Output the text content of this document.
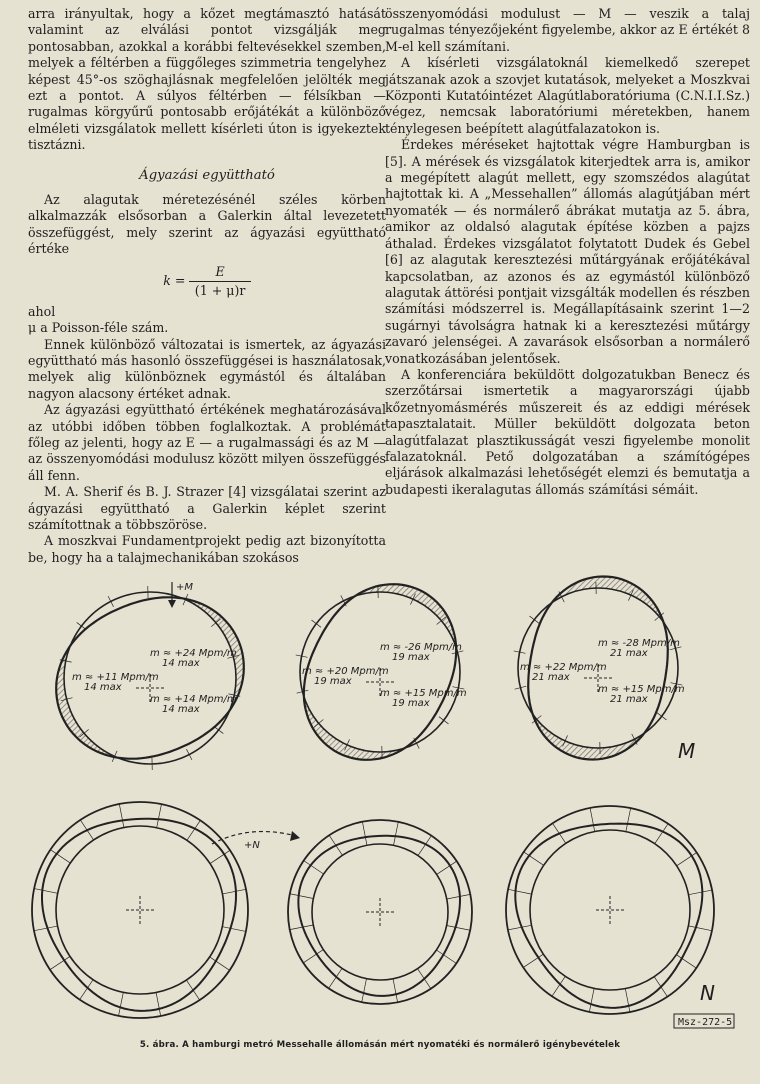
arra irányultak, hogy a kőzet megtámasztó hatását valamint az elválási pontot vizsgálják meg pontosabban, azokkal a korábbi feltevésekkel szemben, melyek a féltérben a függőleges szimmetria tengelyhez képest 45°-os szöghajlásnak megfelelően jelölték meg ezt a pontot. A súlyos féltérben — félsíkban — rugalmas körgyűrű pontosabb erőjátékát a különböző elméleti vizsgálatok mellett kísérleti úton is igyekeztek tisztázni.

Ágyazási együttható

Az alagutak méretezésénél széles körben alkalmazzák elsősorban a Galerkin által levezetett összefüggést, mely szerint az ágyazási együttható értéke

$k = \frac{E}{(1 + \mu)r}$

ahol

μ a Poisson-féle szám.

Ennek különböző változatai is ismertek, az ágyazási együttható más hasonló összefüggései is használatosak, melyek alig különböznek egymástól és általában nagyon alacsony értéket adnak.

Az ágyazási együttható értékének meghatározásával az utóbbi időben többen foglalkoztak. A problémát főleg az jelenti, hogy az E — a rugalmassági és az M — az összenyomódási modulusz között milyen összefüggés áll fenn.

M. A. Sherif és B. J. Strazer [4] vizsgálatai szerint az ágyazási együttható a Galerkin képlet szerint számítottnak a többszöröse.

A moszkvai Fundamentprojekt pedig azt bizonyította be, hogy ha a talajmechanikában szokásos

összenyomódási modulust — M — veszik a talaj rugalmas tényezőjeként figyelembe, akkor az E értékét 8 M-el kell számítani.

A kísérleti vizsgálatoknál kiemelkedő szerepet játszanak azok a szovjet kutatások, melyeket a Moszkvai Központi Kutatóintézet Alagútlaboratóriuma (C.N.I.I.Sz.) végez, nemcsak laboratóriumi méretekben, hanem ténylegesen beépített alagútfalazatokon is.

Érdekes méréseket hajtottak végre Hamburgban is [5]. A mérések és vizsgálatok kiterjedtek arra is, amikor a megépített alagút mellett, egy szomszédos alagútat hajtottak ki. A „Messehallen” állomás alagútjában mért nyomaték — és normálerő ábrákat mutatja az 5. ábra, amikor az oldalsó alagutak építése közben a pajzs áthalad. Érdekes vizsgálatot folytatott Dudek és Gebel [6] az alagutak keresztezési műtárgyának erőjátékával kapcsolatban, az azonos és az egymástól különböző alagutak áttörési pontjait vizsgálták modellen és részben számítási módszerrel is. Megállapításaink szerint 1—2 sugárnyi távolságra hatnak ki a keresztezési műtárgy zavaró jelenségei. A zavarások elsősorban a normálerő vonatkozásában jelentősek.

A konferenciára beküldött dolgozatukban Benecz és szerzőtársai ismertetik a magyarországi újabb kőzetnyomásmérés műszereit és az eddigi mérések tapasztalatait. Müller beküldött dolgozata beton alagútfalazat plasztikusságát veszi figyelembe monolit falazatoknál. Pető dolgozatában a számítógépes eljárások alkalmazási lehetőségét elemzi és bemutatja a budapesti ikeralagutas állomás számítási sémáit.

m ≈ +24 Mpm/m
14 max
m ≈ +11 Mpm/m
14 max
m ≈ +14 Mpm/m
14 max
m ≈ -26 Mpm/m
19 max
m ≈ +20 Mpm/m
19 max
m ≈ +15 Mpm/m
19 max
m ≈ -28 Mpm/m
21 max
m ≈ +22 Mpm/m
21 max
m ≈ +15 Mpm/m
21 max
+M
+N
M
N
Msz-272-5
5. ábra. A hamburgi metró Messehalle állomásán mért nyomatéki és normálerő igénybevételek
